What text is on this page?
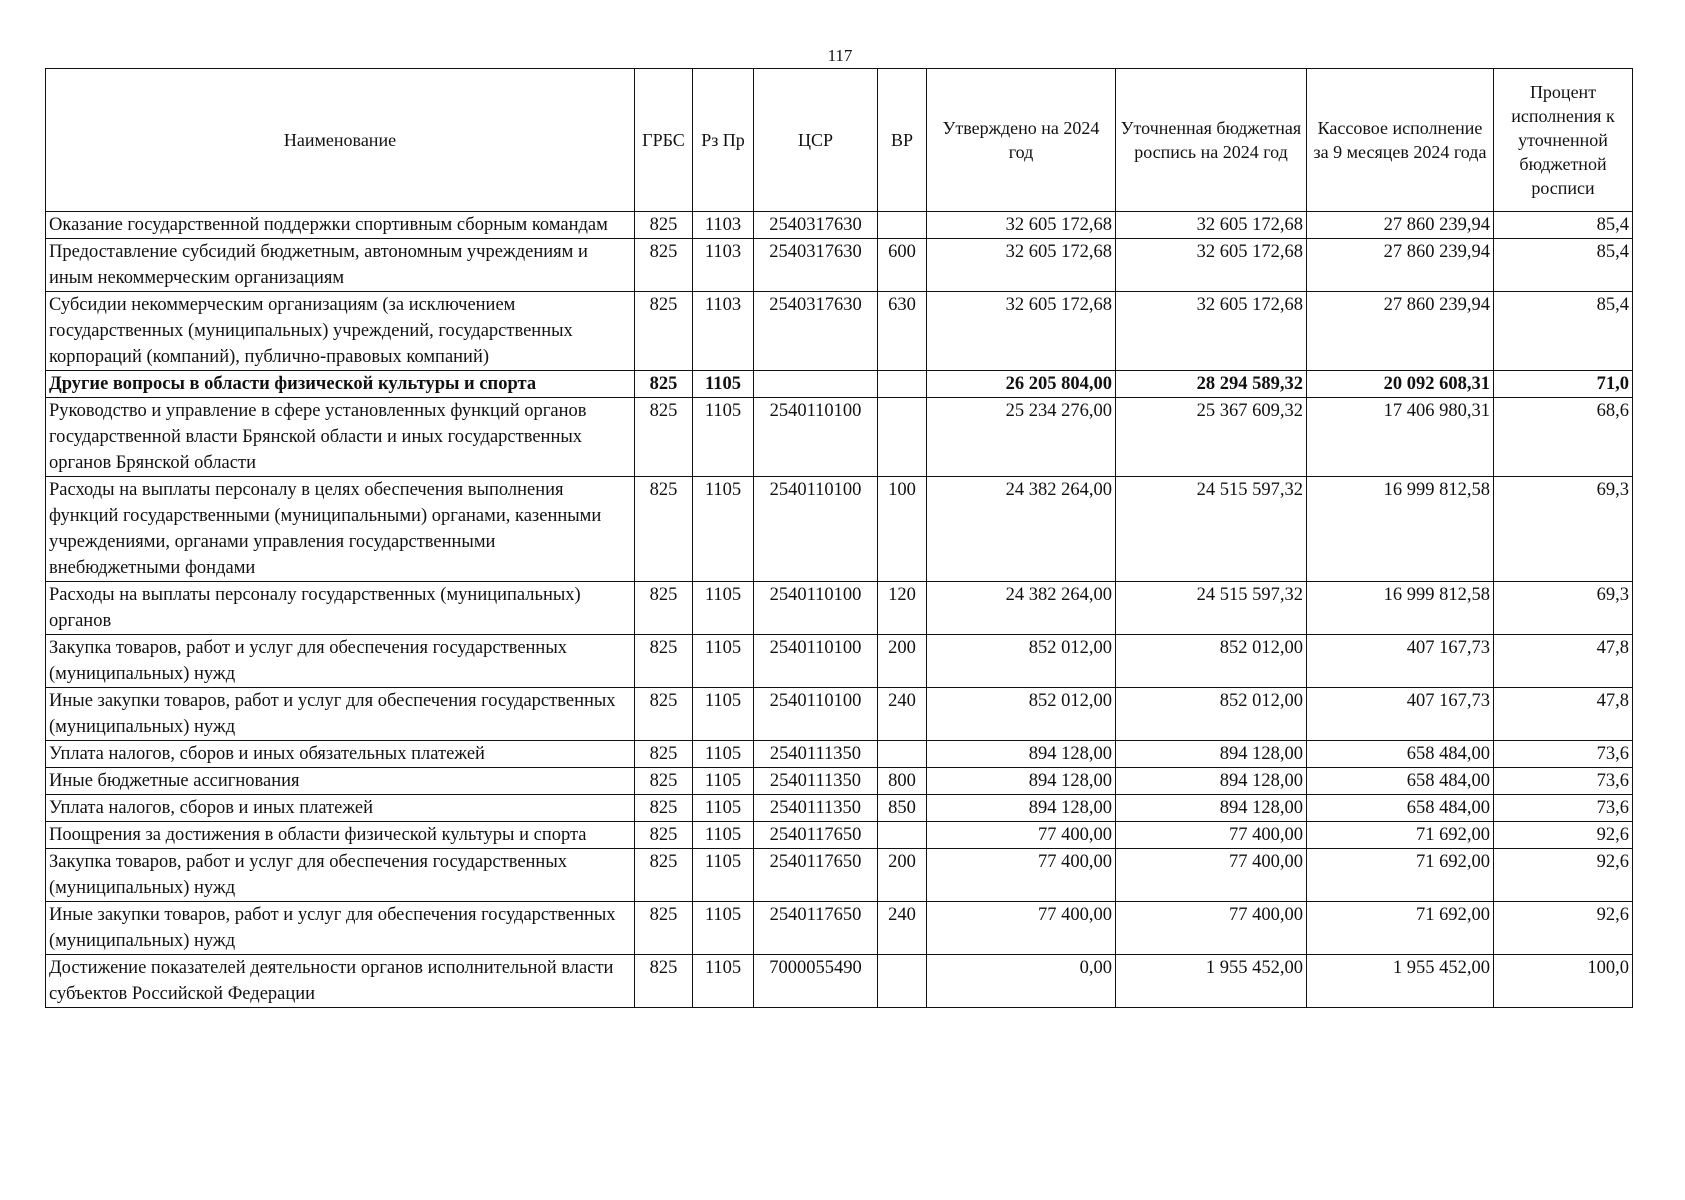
117
Наименование	ГРБС	Рз Пр	ЦСР	ВР	Утверждено на 2024 год	Уточненная бюджетная роспись на 2024 год	Кассовое исполнение за 9 месяцев 2024 года	Процент исполнения к уточненной бюджетной росписи
Оказание государственной поддержки спортивным сборным командам	825	1103	2540317630		32 605 172,68	32 605 172,68	27 860 239,94	85,4
Предоставление субсидий бюджетным, автономным учреждениям и иным некоммерческим организациям	825	1103	2540317630	600	32 605 172,68	32 605 172,68	27 860 239,94	85,4
Субсидии некоммерческим организациям (за исключением государственных (муниципальных) учреждений, государственных корпораций (компаний), публично-правовых компаний)	825	1103	2540317630	630	32 605 172,68	32 605 172,68	27 860 239,94	85,4
Другие вопросы в области физической культуры и спорта	825	1105			26 205 804,00	28 294 589,32	20 092 608,31	71,0
Руководство и управление в сфере установленных функций органов государственной власти Брянской области и иных государственных органов Брянской области	825	1105	2540110100		25 234 276,00	25 367 609,32	17 406 980,31	68,6
Расходы на выплаты персоналу в целях обеспечения выполнения функций государственными (муниципальными) органами, казенными учреждениями, органами управления государственными внебюджетными фондами	825	1105	2540110100	100	24 382 264,00	24 515 597,32	16 999 812,58	69,3
Расходы на выплаты персоналу государственных (муниципальных) органов	825	1105	2540110100	120	24 382 264,00	24 515 597,32	16 999 812,58	69,3
Закупка товаров, работ и услуг для обеспечения государственных (муниципальных) нужд	825	1105	2540110100	200	852 012,00	852 012,00	407 167,73	47,8
Иные закупки товаров, работ и услуг для обеспечения государственных (муниципальных) нужд	825	1105	2540110100	240	852 012,00	852 012,00	407 167,73	47,8
Уплата налогов, сборов и иных обязательных платежей	825	1105	2540111350		894 128,00	894 128,00	658 484,00	73,6
Иные бюджетные ассигнования	825	1105	2540111350	800	894 128,00	894 128,00	658 484,00	73,6
Уплата налогов, сборов и иных платежей	825	1105	2540111350	850	894 128,00	894 128,00	658 484,00	73,6
Поощрения за достижения в области физической культуры и спорта	825	1105	2540117650		77 400,00	77 400,00	71 692,00	92,6
Закупка товаров, работ и услуг для обеспечения государственных (муниципальных) нужд	825	1105	2540117650	200	77 400,00	77 400,00	71 692,00	92,6
Иные закупки товаров, работ и услуг для обеспечения государственных (муниципальных) нужд	825	1105	2540117650	240	77 400,00	77 400,00	71 692,00	92,6
Достижение показателей деятельности органов исполнительной власти субъектов Российской Федерации	825	1105	7000055490		0,00	1 955 452,00	1 955 452,00	100,0
